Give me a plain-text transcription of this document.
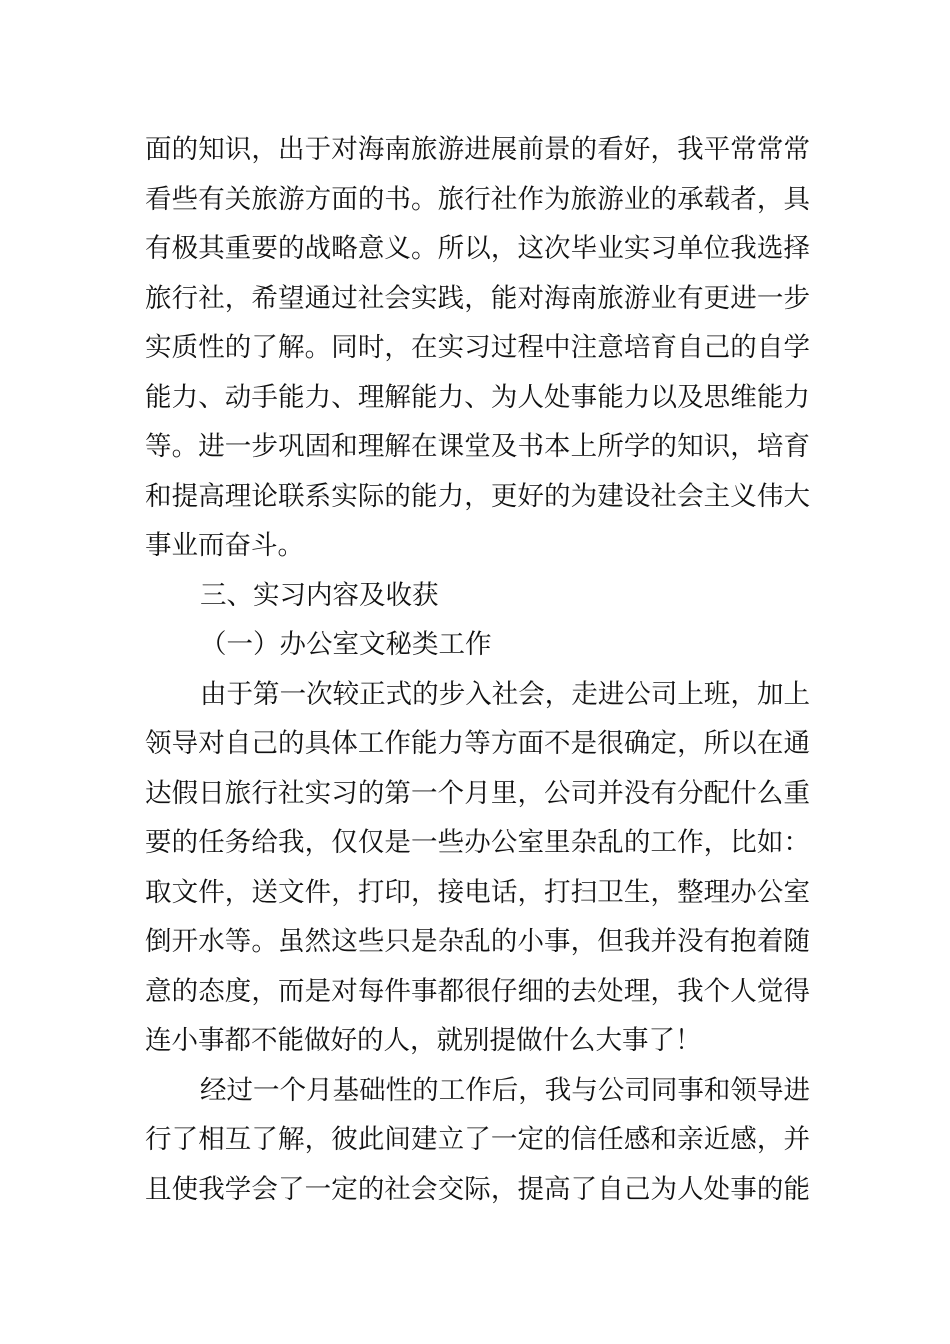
面的知识，出于对海南旅游进展前景的看好，我平常常常
看些有关旅游方面的书。旅行社作为旅游业的承载者，具
有极其重要的战略意义。所以，这次毕业实习单位我选择
旅行社，希望通过社会实践，能对海南旅游业有更进一步
实质性的了解。同时，在实习过程中注意培育自己的自学
能力、动手能力、理解能力、为人处事能力以及思维能力
等。进一步巩固和理解在课堂及书本上所学的知识，培育
和提高理论联系实际的能力，更好的为建设社会主义伟大
事业而奋斗。
三、实习内容及收获
（一）办公室文秘类工作
由于第一次较正式的步入社会，走进公司上班，加上
领导对自己的具体工作能力等方面不是很确定，所以在通
达假日旅行社实习的第一个月里，公司并没有分配什么重
要的任务给我，仅仅是一些办公室里杂乱的工作，比如：
取文件，送文件，打印，接电话，打扫卫生，整理办公室
倒开水等。虽然这些只是杂乱的小事，但我并没有抱着随
意的态度，而是对每件事都很仔细的去处理，我个人觉得
连小事都不能做好的人，就别提做什么大事了！
经过一个月基础性的工作后，我与公司同事和领导进
行了相互了解，彼此间建立了一定的信任感和亲近感，并
且使我学会了一定的社会交际，提高了自己为人处事的能
